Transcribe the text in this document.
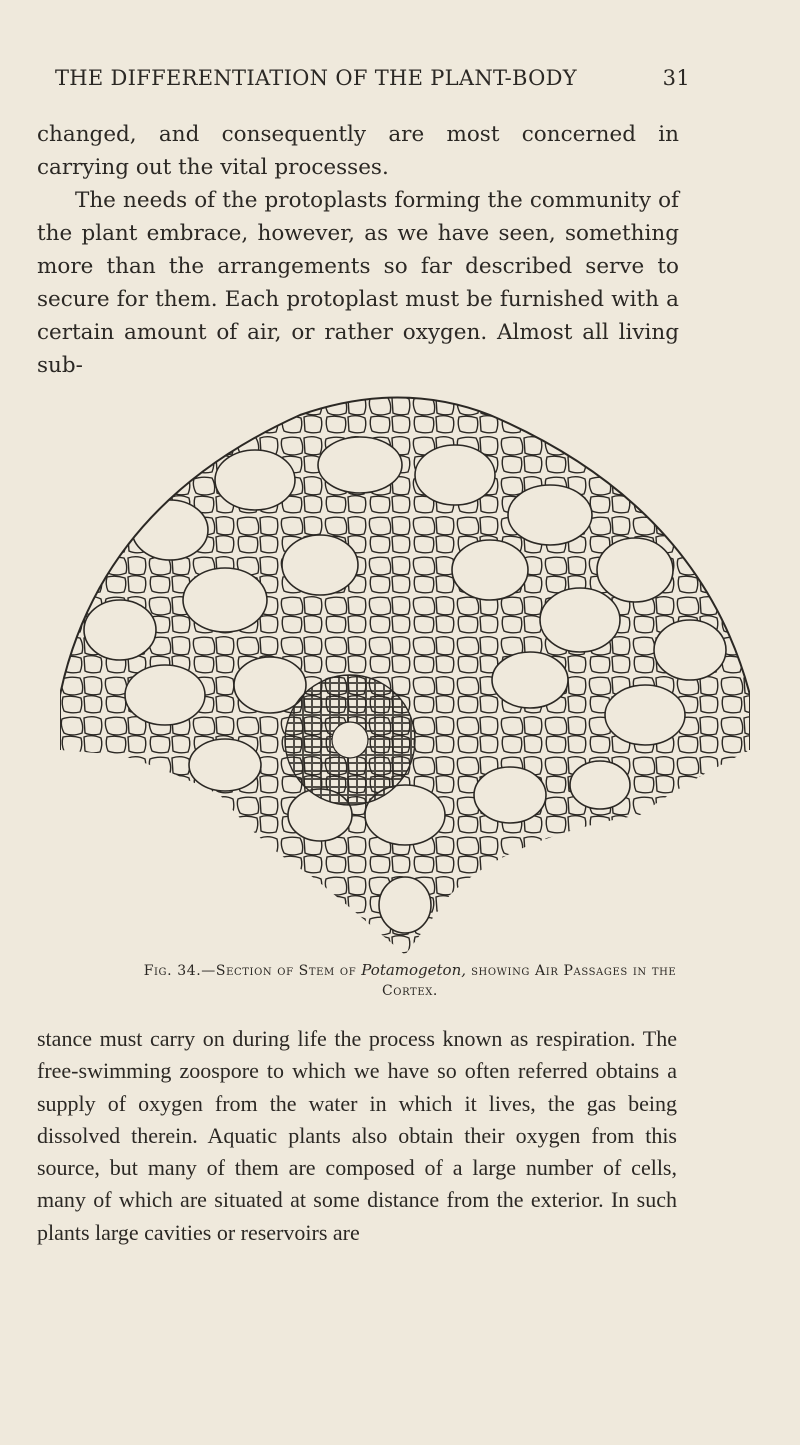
THE DIFFERENTIATION OF THE PLANT-BODY	31

changed, and consequently are most concerned in carrying out the vital processes.

The needs of the protoplasts forming the community of the plant embrace, however, as we have seen, something more than the arrangements so far described serve to secure for them. Each protoplast must be furnished with a certain amount of air, or rather oxygen. Almost all living sub-

Fig. 34.—Section of Stem of Potamogeton, showing Air Passages in the Cortex.

stance must carry on during life the process known as respiration. The free-swimming zoospore to which we have so often referred obtains a supply of oxygen from the water in which it lives, the gas being dissolved therein. Aquatic plants also obtain their oxygen from this source, but many of them are composed of a large number of cells, many of which are situated at some distance from the exterior. In such plants large cavities or reservoirs are
